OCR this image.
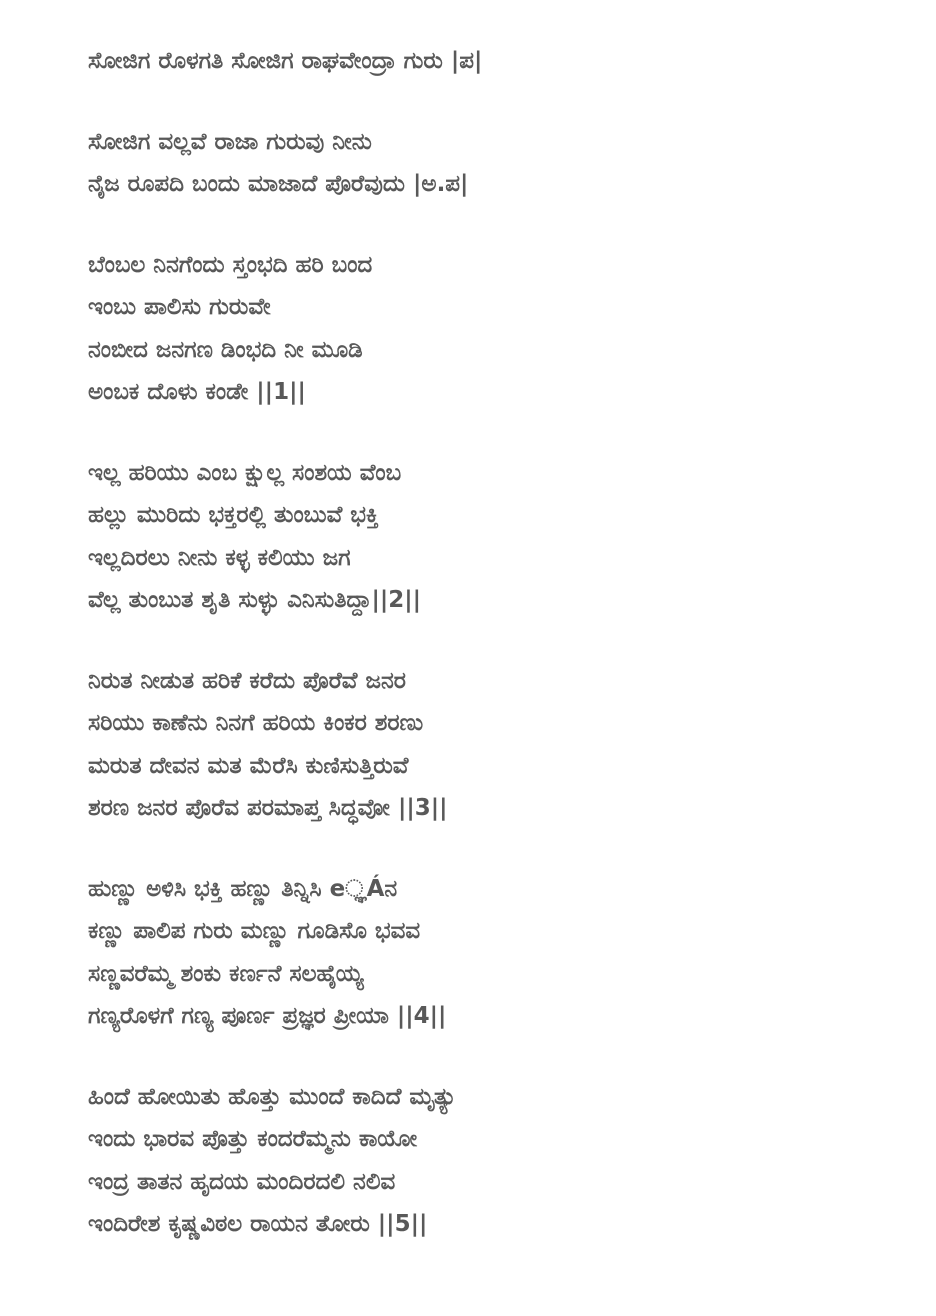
ಸೋಜಿಗ ರೊಳಗತಿ ಸೋಜಿಗ ರಾಘವೇಂದ್ರಾ ಗುರು |ಪ|
ಸೋಜಿಗ ವಲ್ಲವೆ ರಾಜಾ ಗುರುವು ನೀನು
ನೈಜ ರೂಪದಿ ಬಂದು ಮಾಜಾದೆ ಪೊರೆವುದು |ಅ.ಪ|
ಬೆಂಬಲ ನಿನಗೆಂದು ಸ್ತಂಭದಿ ಹರಿ ಬಂದ
ಇಂಬು ಪಾಲಿಸು ಗುರುವೇ
ನಂಬೀದ ಜನಗಣ ಡಿಂಭದಿ ನೀ ಮೂಡಿ
ಅಂಬಕ ದೊಳು ಕಂಡೇ ||1||
ಇಲ್ಲ ಹರಿಯು ಎಂಬ ಕ್ಷುಲ್ಲ ಸಂಶಯ ವೆಂಬ
ಹಲ್ಲು ಮುರಿದು ಭಕ್ತರಲ್ಲಿ ತುಂಬುವೆ ಭಕ್ತಿ
ಇಲ್ಲದಿರಲು ನೀನು ಕಳ್ಳ ಕಲಿಯು ಜಗ
ವೆಲ್ಲ ತುಂಬುತ ಶೃತಿ ಸುಳ್ಳು ಎನಿಸುತಿದ್ದಾ||2||
ನಿರುತ ನೀಡುತ ಹರಿಕೆ ಕರೆದು ಪೊರೆವೆ ಜನರ
ಸರಿಯು ಕಾಣೆನು ನಿನಗೆ ಹರಿಯ ಕಿಂಕರ ಶರಣು
ಮರುತ ದೇವನ ಮತ ಮೆರೆಸಿ ಕುಣಿಸುತ್ತಿರುವೆ
ಶರಣ ಜನರ ಪೊರೆವ ಪರಮಾಪ್ತ ಸಿದ್ಧವೋ ||3||
ಹುಣ್ಣು ಅಳಿಸಿ ಭಕ್ತಿ ಹಣ್ಣು ತಿನ್ನಿಸಿ e್ಞÁನ
ಕಣ್ಣು ಪಾಲಿಪ ಗುರು ಮಣ್ಣು ಗೂಡಿಸೊ ಭವವ
ಸಣ್ಣವರೆಮ್ಮ ಶಂಕು ಕರ್ಣನೆ ಸಲಹೈಯ್ಯ
ಗಣ್ಯರೊಳಗೆ ಗಣ್ಯ ಪೂರ್ಣ ಪ್ರಜ್ಞರ ಪ್ರೀಯಾ ||4||
ಹಿಂದೆ ಹೋಯಿತು ಹೊತ್ತು ಮುಂದೆ ಕಾದಿದೆ ಮೃತ್ಯು
ಇಂದು ಭಾರವ ಪೊತ್ತು ಕಂದರೆಮ್ಮನು ಕಾಯೋ
ಇಂದ್ರ ತಾತನ ಹೃದಯ ಮಂದಿರದಲಿ ನಲಿವ
ಇಂದಿರೇಶ ಕೃಷ್ಣವಿಠಲ ರಾಯನ ತೋರು ||5||
